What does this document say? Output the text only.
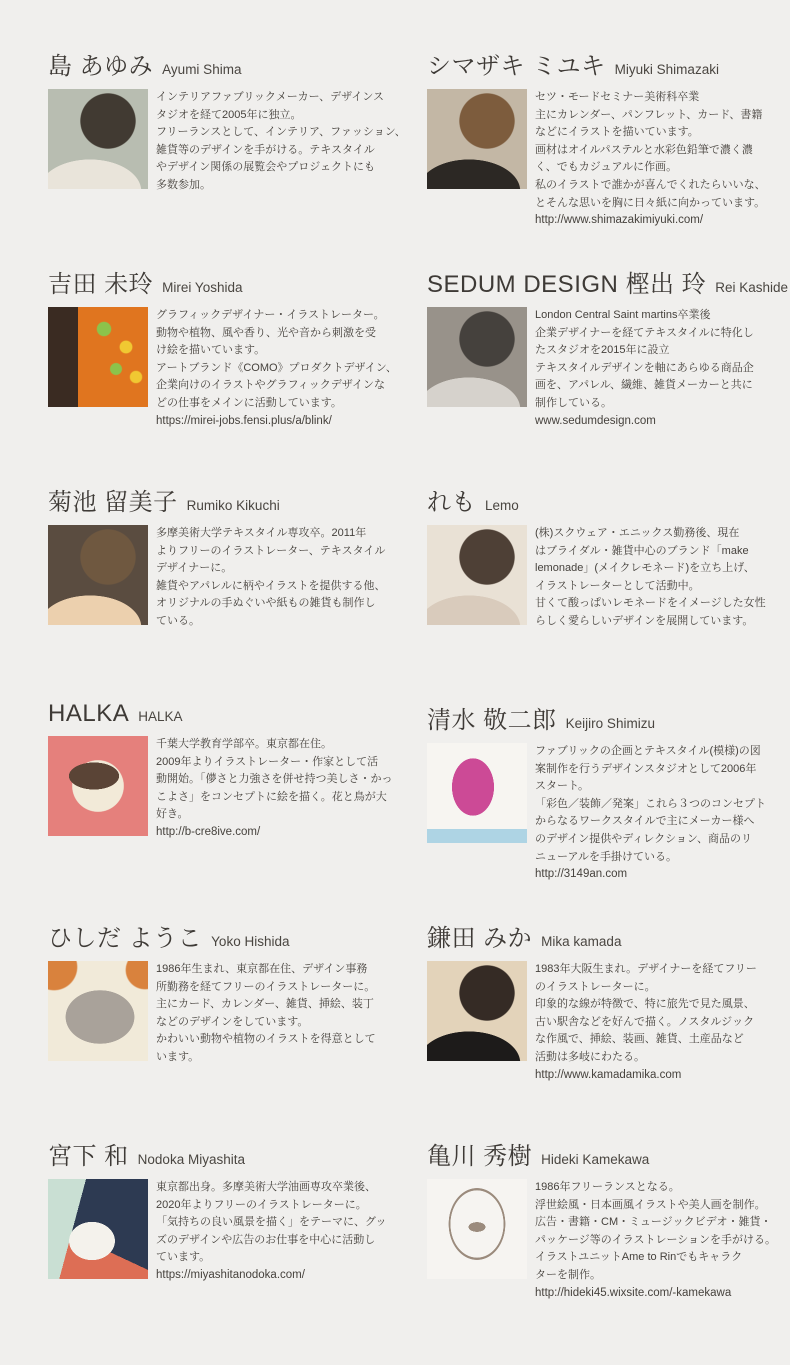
島 あゆみ Ayumi Shima
インテリアファブリックメーカー、デザインス
タジオを経て2005年に独立。
フリーランスとして、インテリア、ファッション、
雑貨等のデザインを手がける。テキスタイル
やデザイン関係の展覧会やプロジェクトにも
多数参加。
シマザキ ミユキ Miyuki Shimazaki
セツ・モードセミナー美術科卒業
主にカレンダー、パンフレット、カード、書籍
などにイラストを描いています。
画材はオイルパステルと水彩色鉛筆で濃く濃
く、でもカジュアルに作画。
私のイラストで誰かが喜んでくれたらいいな、
とそんな思いを胸に日々紙に向かっています。
http://www.shimazakimiyuki.com/
吉田 未玲 Mirei Yoshida
グラフィックデザイナー・イラストレーター。
動物や植物、風や香り、光や音から刺激を受
け絵を描いています。
アートブランド《COMO》プロダクトデザイン、
企業向けのイラストやグラフィックデザインな
どの仕事をメインに活動しています。
https://mirei-jobs.fensi.plus/a/blink/
SEDUM DESIGN 樫出 玲 Rei Kashide
London Central Saint martins卒業後
企業デザイナーを経てテキスタイルに特化し
たスタジオを2015年に設立
テキスタイルデザインを軸にあらゆる商品企
画を、アパレル、繊維、雑貨メーカーと共に
制作している。
www.sedumdesign.com
菊池 留美子 Rumiko Kikuchi
多摩美術大学テキスタイル専攻卒。2011年
よりフリーのイラストレーター、テキスタイル
デザイナーに。
雑貨やアパレルに柄やイラストを提供する他、
オリジナルの手ぬぐいや紙もの雑貨も制作し
ている。
れも Lemo
(株)スクウェア・エニックス勤務後、現在
はブライダル・雑貨中心のブランド「make
lemonade」(メイクレモネード)を立ち上げ、
イラストレーターとして活動中。
甘くて酸っぱいレモネードをイメージした女性
らしく愛らしいデザインを展開しています。
HALKA HALKA
千葉大学教育学部卒。東京都在住。
2009年よりイラストレーター・作家として活
動開始。「儚さと力強さを併せ持つ美しさ・かっ
こよさ」をコンセプトに絵を描く。花と鳥が大
好き。
http://b-cre8ive.com/
清水 敬二郎 Keijiro Shimizu
ファブリックの企画とテキスタイル(模様)の図
案制作を行うデザインスタジオとして2006年
スタート。
「彩色／装飾／発案」これら３つのコンセプト
からなるワークスタイルで主にメーカー様へ
のデザイン提供やディレクション、商品のリ
ニューアルを手掛けている。
http://3149an.com
ひしだ ようこ Yoko Hishida
1986年生まれ、東京都在住、デザイン事務
所勤務を経てフリーのイラストレーターに。
主にカード、カレンダー、雑貨、挿絵、装丁
などのデザインをしています。
かわいい動物や植物のイラストを得意として
います。
鎌田 みか Mika kamada
1983年大阪生まれ。デザイナーを経てフリー
のイラストレーターに。
印象的な線が特徴で、特に旅先で見た風景、
古い駅舎などを好んで描く。ノスタルジック
な作風で、挿絵、装画、雑貨、土産品など
活動は多岐にわたる。
http://www.kamadamika.com
宮下 和 Nodoka Miyashita
東京都出身。多摩美術大学油画専攻卒業後、
2020年よりフリーのイラストレーターに。
「気持ちの良い風景を描く」をテーマに、グッ
ズのデザインや広告のお仕事を中心に活動し
ています。
https://miyashitanodoka.com/
亀川 秀樹 Hideki Kamekawa
1986年フリーランスとなる。
浮世絵風・日本画風イラストや美人画を制作。
広告・書籍・CM・ミュージックビデオ・雑貨・
パッケージ等のイラストレーションを手がける。
イラストユニットAme to Rinでもキャラク
ターを制作。
http://hideki45.wixsite.com/-kamekawa
